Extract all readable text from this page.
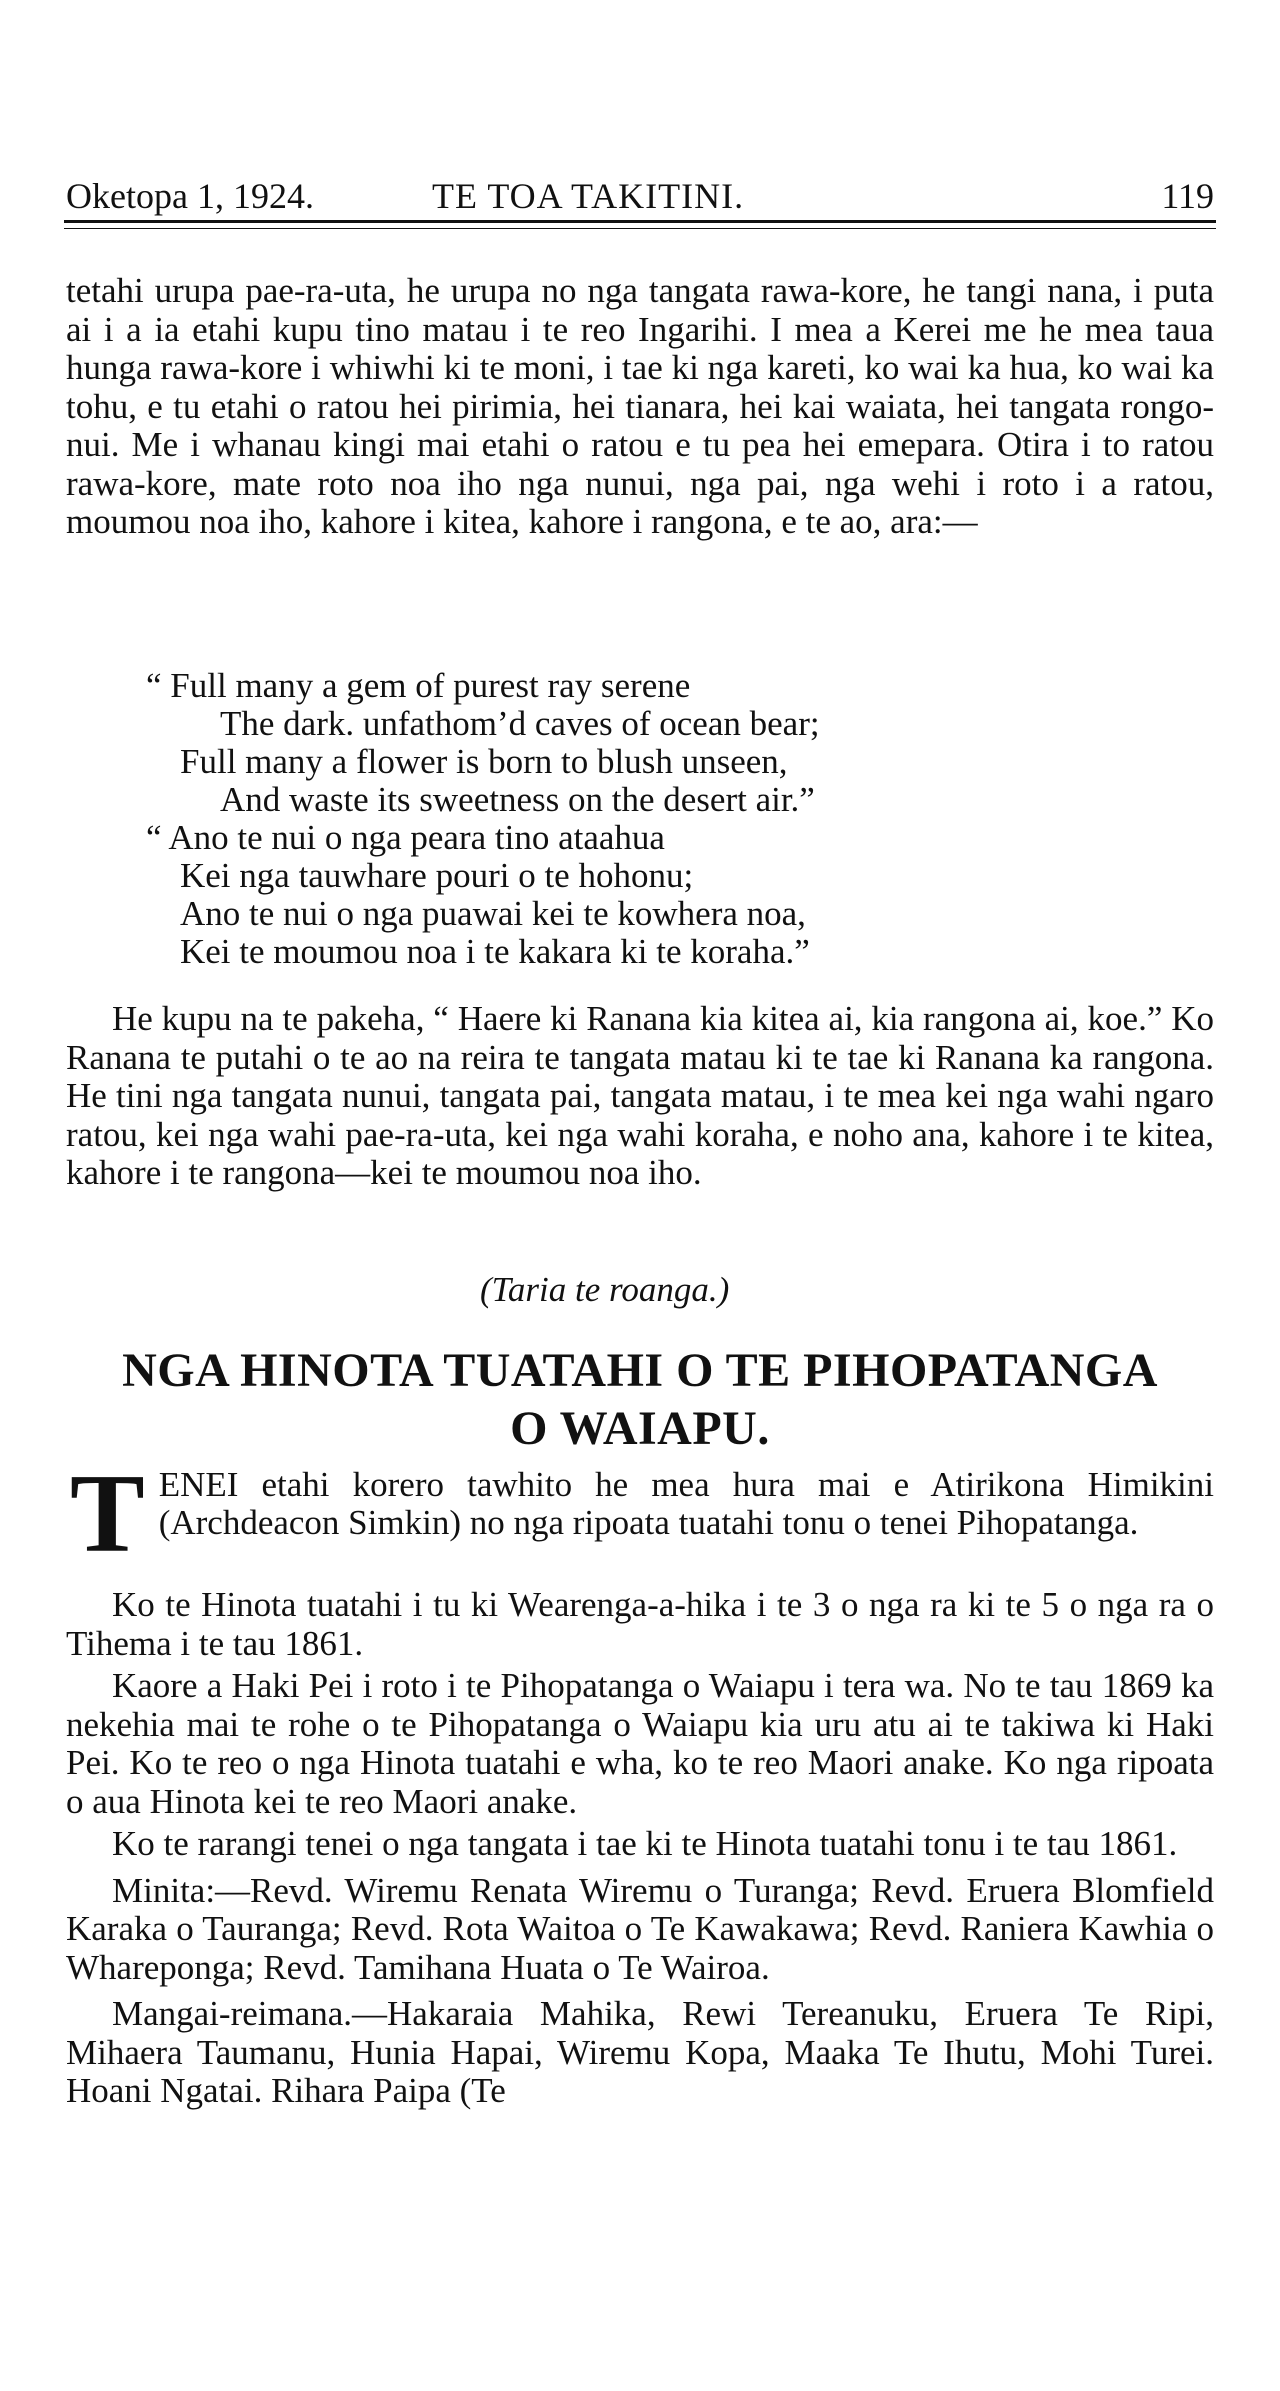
Oketopa 1, 1924.	TE TOA TAKITINI.	119

tetahi urupa pae-ra-uta, he urupa no nga tangata rawa-kore, he tangi nana, i puta ai i a ia etahi kupu tino matau i te reo Ingarihi. I mea a Kerei me he mea taua hunga rawa-kore i whiwhi ki te moni, i tae ki nga kareti, ko wai ka hua, ko wai ka tohu, e tu etahi o ratou hei pirimia, hei tianara, hei kai waiata, hei tangata rongo-nui. Me i whanau kingi mai etahi o ratou e tu pea hei emepara. Otira i to ratou rawa-kore, mate roto noa iho nga nunui, nga pai, nga wehi i roto i a ratou, moumou noa iho, kahore i kitea, kahore i rangona, e te ao, ara:—

“ Full many a gem of purest ray serene
The dark. unfathom’d caves of ocean bear;
Full many a flower is born to blush unseen,
And waste its sweetness on the desert air.”
“ Ano te nui o nga peara tino ataahua
Kei nga tauwhare pouri o te hohonu;
Ano te nui o nga puawai kei te kowhera noa,
Kei te moumou noa i te kakara ki te koraha.”

He kupu na te pakeha, “ Haere ki Ranana kia kitea ai, kia rangona ai, koe.” Ko Ranana te putahi o te ao na reira te tangata matau ki te tae ki Ranana ka rangona. He tini nga tangata nunui, tangata pai, tangata matau, i te mea kei nga wahi ngaro ratou, kei nga wahi pae-ra-uta, kei nga wahi koraha, e noho ana, kahore i te kitea, kahore i te rangona—kei te moumou noa iho.

(Taria te roanga.)
NGA HINOTA TUATAHI O TE PIHOPATANGA
O WAIAPU.
T ENEI etahi korero tawhito he mea hura mai e Atirikona Himikini (Archdeacon Simkin) no nga ripoata tuatahi tonu o tenei Pihopatanga.

Ko te Hinota tuatahi i tu ki Wearenga-a-hika i te 3 o nga ra ki te 5 o nga ra o Tihema i te tau 1861.

Kaore a Haki Pei i roto i te Pihopatanga o Waiapu i tera wa. No te tau 1869 ka nekehia mai te rohe o te Pihopatanga o Waiapu kia uru atu ai te takiwa ki Haki Pei. Ko te reo o nga Hinota tuatahi e wha, ko te reo Maori anake. Ko nga ripoata o aua Hinota kei te reo Maori anake.

Ko te rarangi tenei o nga tangata i tae ki te Hinota tuatahi tonu i te tau 1861.

Minita:—Revd. Wiremu Renata Wiremu o Turanga; Revd. Eruera Blomfield Karaka o Tauranga; Revd. Rota Waitoa o Te Kawakawa; Revd. Raniera Kawhia o Whareponga; Revd. Tamihana Huata o Te Wairoa.

Mangai-reimana.—Hakaraia Mahika, Rewi Tereanuku, Eruera Te Ripi, Mihaera Taumanu, Hunia Hapai, Wiremu Kopa, Maaka Te Ihutu, Mohi Turei. Hoani Ngatai. Rihara Paipa (Te
